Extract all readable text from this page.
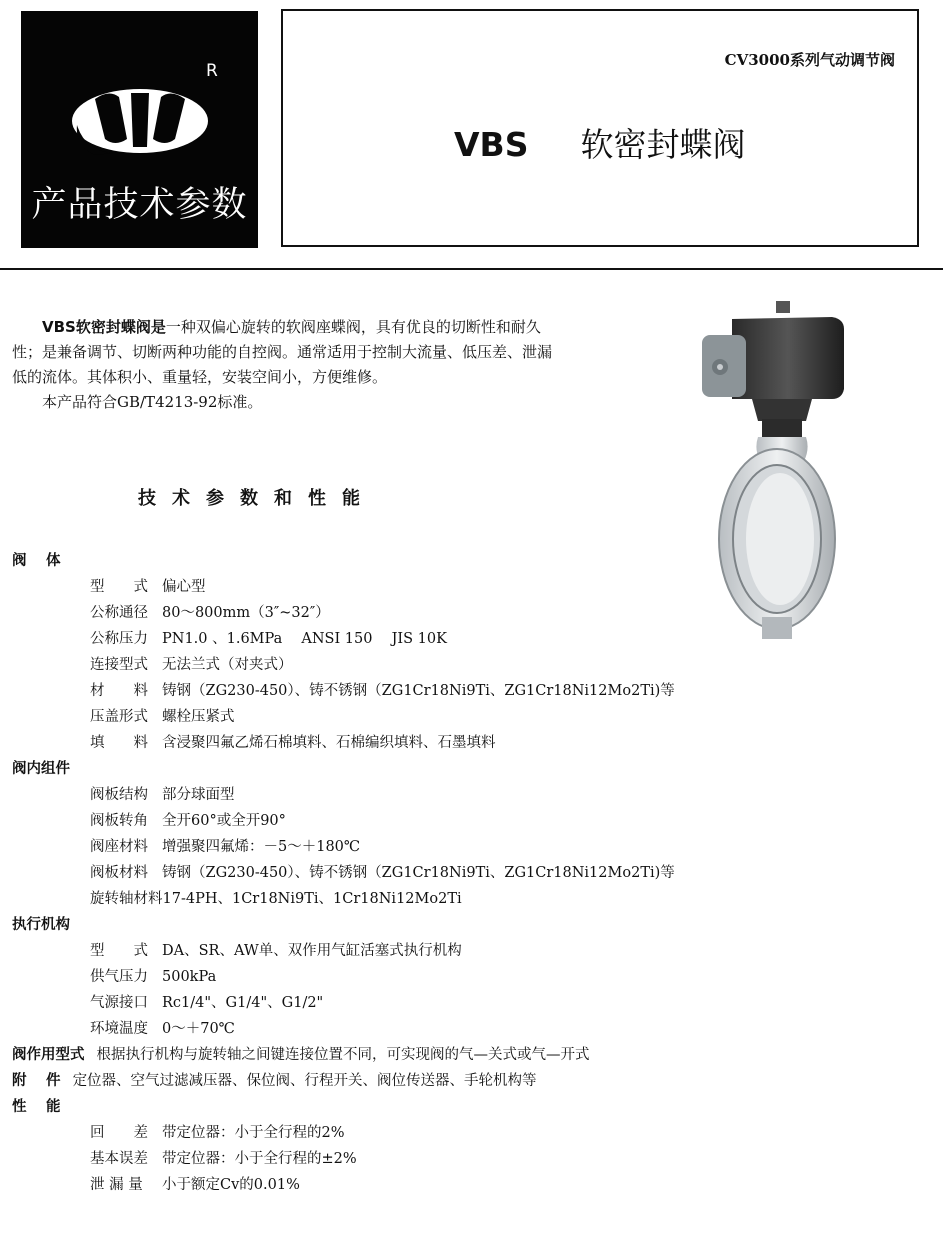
R
产品技术参数
CV3000系列气动调节阀
VBS 软密封蝶阀

VBS软密封蝶阀是一种双偏心旋转的软阀座蝶阀，具有优良的切断性和耐久性；是兼备调节、切断两种功能的自控阀。通常适用于控制大流量、低压差、泄漏低的流体。其体积小、重量轻，安装空间小，方便维修。

本产品符合GB/T4213-92标准。

技术参数和性能
阀　 体
型　　式 偏心型
公称通径 80～800mm（3″~32″）
公称压力 PN1.0 、1.6MPa　 ANSI 150　 JIS 10K
连接型式 无法兰式（对夹式）
材　　料 铸钢（ZG230-450）、铸不锈钢（ZG1Cr18Ni9Ti、ZG1Cr18Ni12Mo2Ti)等
压盖形式 螺栓压紧式
填　　料 含浸聚四氟乙烯石棉填料、石棉编织填料、石墨填料
阀内组件
阀板结构 部分球面型
阀板转角 全开60°或全开90°
阀座材料 增强聚四氟烯：－5～＋180℃
阀板材料 铸钢（ZG230-450）、铸不锈钢（ZG1Cr18Ni9Ti、ZG1Cr18Ni12Mo2Ti)等
旋转轴材料17-4PH、1Cr18Ni9Ti、1Cr18Ni12Mo2Ti
执行机构
型　　式 DA、SR、AW单、双作用气缸活塞式执行机构
供气压力 500kPa
气源接口 Rc1/4"、G1/4"、G1/2"
环境温度 0～＋70℃
阀作用型式 根据执行机构与旋转轴之间键连接位置不同，可实现阀的气—关式或气—开式
附　 件 定位器、空气过滤减压器、保位阀、行程开关、阀位传送器、手轮机构等
性　 能
回　　差 带定位器：小于全行程的2%
基本误差 带定位器：小于全行程的±2%
泄 漏 量 小于额定Cv的0.01%
